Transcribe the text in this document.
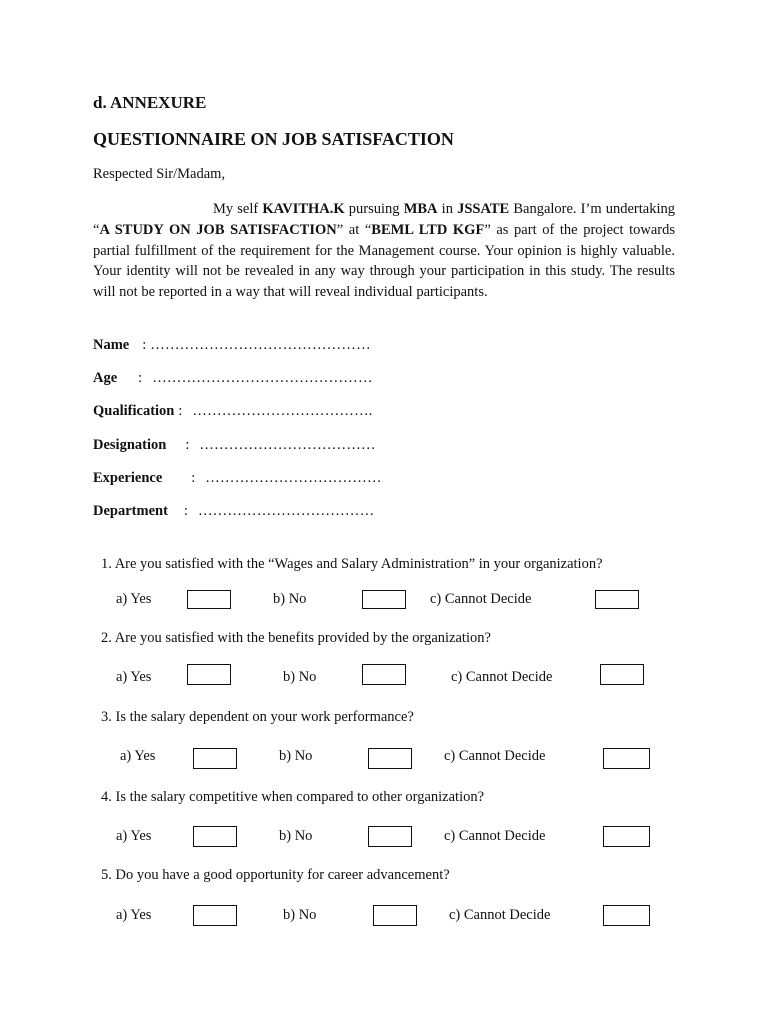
d. ANNEXURE
QUESTIONNAIRE ON JOB SATISFACTION
Respected Sir/Madam,
My self KAVITHA.K pursuing MBA in JSSATE Bangalore. I’m undertaking “A STUDY ON JOB SATISFACTION” at “BEML LTD KGF” as part of the project towards partial fulfillment of the requirement for the Management course. Your opinion is highly valuable. Your identity will not be revealed in any way through your participation in this study. The results will not be reported in a way that will reveal individual participants.
Name : ………………………………………
Age : ………………………………………
Qualification : ……………………………….
Designation : ………………………………
Experience : ………………………………
Department : ………………………………
1. Are you satisfied with the “Wages and Salary Administration” in your organization?
a) Yes	b) No	c) Cannot Decide
2. Are you satisfied with the benefits provided by the organization?
a) Yes	b) No	c) Cannot Decide
3. Is the salary dependent on your work performance?
a) Yes	b) No	c) Cannot Decide
4. Is the salary competitive when compared to other organization?
a) Yes	b) No	c) Cannot Decide
5. Do you have a good opportunity for career advancement?
a) Yes	b) No	c) Cannot Decide
